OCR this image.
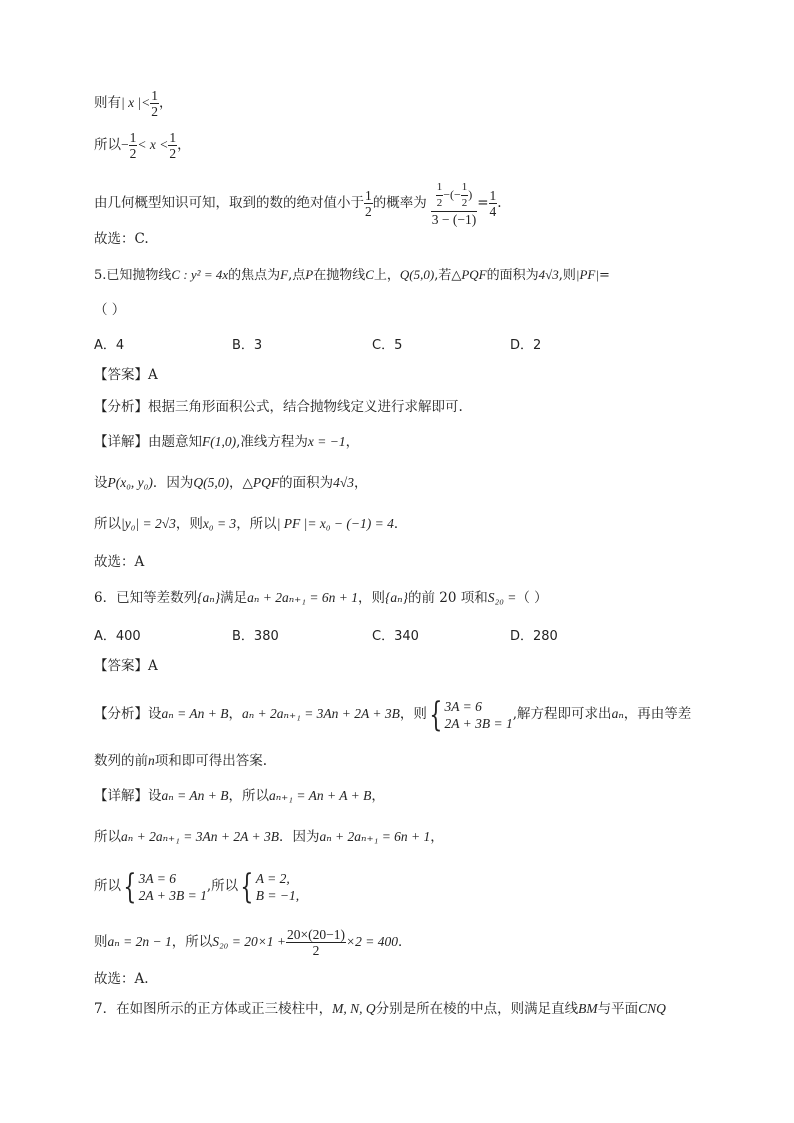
则有| x |< $\frac{1}{2}$ ，
所以− $\frac{1}{2} < x < \frac{1}{2}$ ，
由几何概型知识可知，取到的数的绝对值小于 $\frac{1}{2}$ 的概率为 $\frac{\frac{1}{2} -(- \frac{1}{2} )}{3 - (-1)} = \frac{1}{4}$ .
故选：C.
5.已知抛物线C : y² = 4x的焦点为F,点P在抛物线C上，Q(5,0),若△PQF的面积为4√3,则|PF|=
（ ）
A．4	B．3	C．5	D．2
【答案】A
【分析】根据三角形面积公式，结合抛物线定义进行求解即可.
【详解】由题意知F(1,0),准线方程为x = −1，
设P(x₀, y₀)．因为Q(5,0)，△PQF的面积为4√3，
所以|y₀| = 2√3，则x₀ = 3，所以| PF |= x₀ − (−1) = 4．
故选：A
6．已知等差数列{aₙ}满足aₙ + 2aₙ₊₁ = 6n + 1，则{aₙ}的前 20 项和S₂₀ =（ ）
A．400	B．380	C．340	D．280
【答案】A
【分析】设aₙ = An + B，aₙ + 2aₙ₊₁ = 3An + 2A + 3B，则{ 3A = 6
2A + 3B = 1
,解方程即可求出aₙ，再由等差
数列的前n项和即可得出答案.
【详解】设aₙ = An + B，所以aₙ₊₁ = An + A + B，
所以aₙ + 2aₙ₊₁ = 3An + 2A + 3B．因为aₙ + 2aₙ₊₁ = 6n + 1，
所以{ 3A = 6
2A + 3B = 1
,所以{ A = 2,
B = −1,
则aₙ = 2n − 1，所以$S_{20} = 20\times 1 + \frac{20\times(20-1)}{2} \times 2 = 400$．
故选：A.
7．在如图所示的正方体或正三棱柱中，M, N, Q分别是所在棱的中点，则满足直线BM与平面CNQ
